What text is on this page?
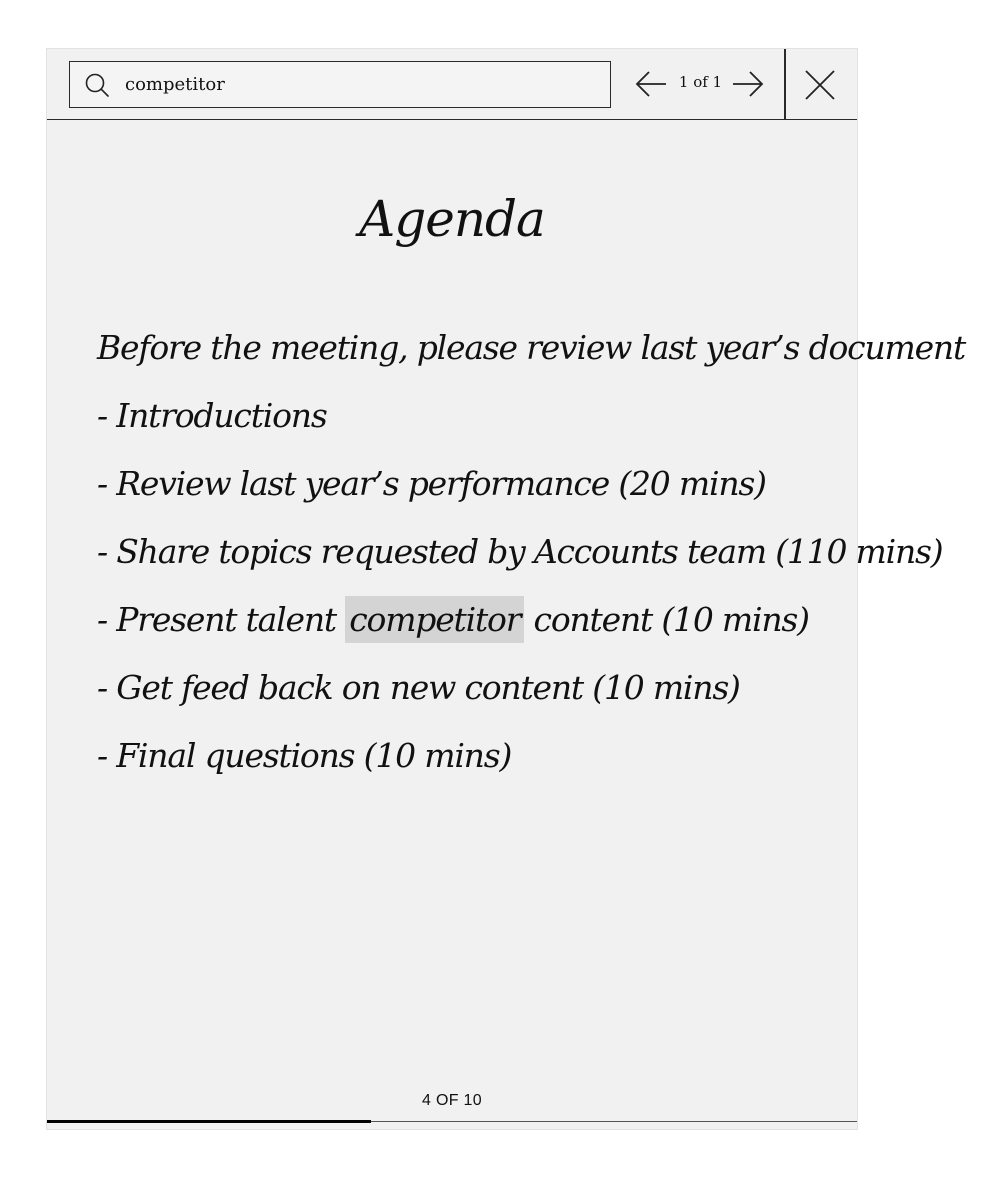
competitor
1 of 1
Agenda
Before the meeting, please review last year’s document
- Introductions
- Review last year’s performance (20 mins)
- Share topics requested by Accounts team (110 mins)
- Present talent competitor content (10 mins)
- Get feed back on new content (10 mins)
- Final questions (10 mins)
4 OF 10
